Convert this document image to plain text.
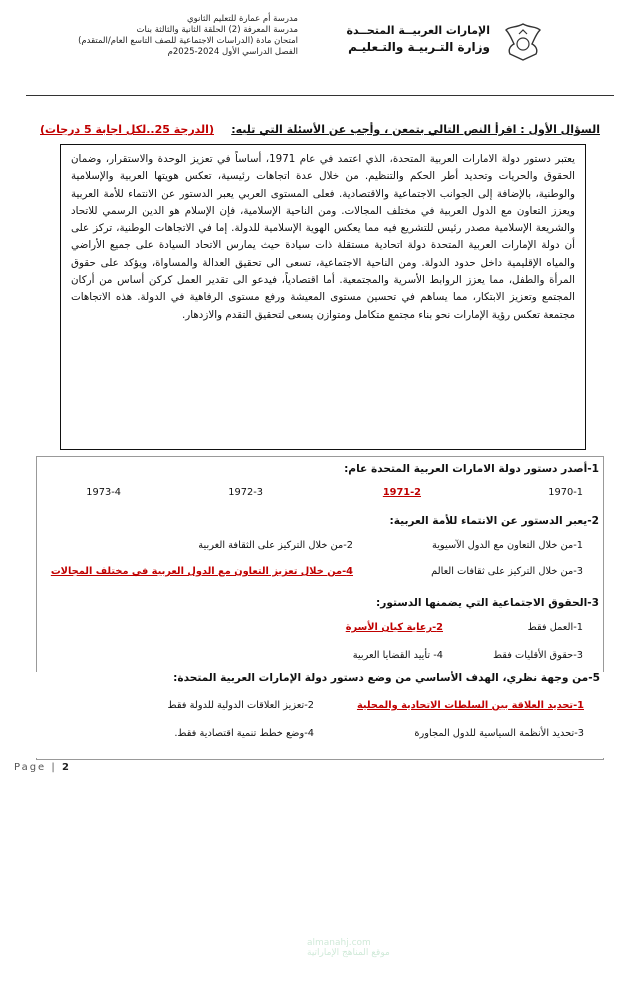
مدرسة أم عمارة للتعليم الثانوي
مدرسة المعرفة (2) الحلقة الثانية والثالثة بنات
امتحان مادة (الدراسات الاجتماعية للصف التاسع العام/المتقدم)
الفصل الدراسي الأول 2024-2025م
الإمارات العربيــة المتحــدة
وزارة التـربيـة والتـعليـم
السؤال الأول : اقرأ النص التالي بتمعن ، وأجب عن الأسئلة التي تليه:
(الدرجة 25..لكل اجابة 5 درجات)
يعتبر دستور دولة الامارات العربية المتحدة، الذي اعتمد في عام 1971، أساساً في تعزيز الوحدة والاستقرار، وضمان الحقوق والحريات وتحديد أطر الحكم والتنظيم. من خلال عدة اتجاهات رئيسية، تعكس هويتها العربية والإسلامية والوطنية، بالإضافة إلى الجوانب الاجتماعية والاقتصادية. فعلى المستوى العربي يعبر الدستور عن الانتماء للأمة العربية ويعزز التعاون مع الدول العربية في مختلف المجالات. ومن الناحية الإسلامية، فإن الإسلام هو الدين الرسمي للاتحاد والشريعة الإسلامية مصدر رئيس للتشريع فيه مما يعكس الهوية الإسلامية للدولة. إما في الاتجاهات الوطنية، تركز على أن دولة الإمارات العربية المتحدة دولة اتحادية مستقلة ذات سيادة حيث يمارس الاتحاد السيادة على جميع الأراضي والمياه الإقليمية داخل حدود الدولة. ومن الناحية الاجتماعية، تسعى الى تحقيق العدالة والمساواة، ويؤكد على حقوق المرأة والطفل، مما يعزز الروابط الأسرية والمجتمعية. أما اقتصادياً، فيدعو الى تقدير العمل كركن أساس من أركان المجتمع وتعزيز الابتكار، مما يساهم في تحسين مستوى المعيشة ورفع مستوى الرفاهية في الدولة. هذه الاتجاهات مجتمعة تعكس رؤية الإمارات نحو بناء مجتمع متكامل ومتوازن يسعى لتحقيق التقدم والازدهار.
almanahj.com
موقع المناهج الإماراتية
1-أصدر دستور دولة الامارات العربية المتحدة عام:
1970-1
1971-2
1972-3
1973-4
2-يعبر الدستور عن الانتماء للأمة العربية:
1-من خلال التعاون مع الدول الآسيوية
2-من خلال التركيز على الثقافة الغربية
3-من خلال التركيز على ثقافات العالم
4-من خلال تعزيز التعاون مع الدول العربية في مختلف المجالات
3-الحقوق الاجتماعية التي يضمنها الدستور:
1-العمل فقط
2-رعاية كيان الأسرة
3-حقوق الأقليات فقط
4- تأييد القضايا العربية
5-من وجهة نظري، الهدف الأساسي من وضع دستور دولة الإمارات العربية المتحدة:
1-تحديد العلاقة بين السلطات الاتحادية والمحلية
2-تعزيز العلاقات الدولية للدولة فقط
3-تحديد الأنظمة السياسية للدول المجاورة
4-وضع خطط تنمية اقتصادية فقط.
Page | 2
